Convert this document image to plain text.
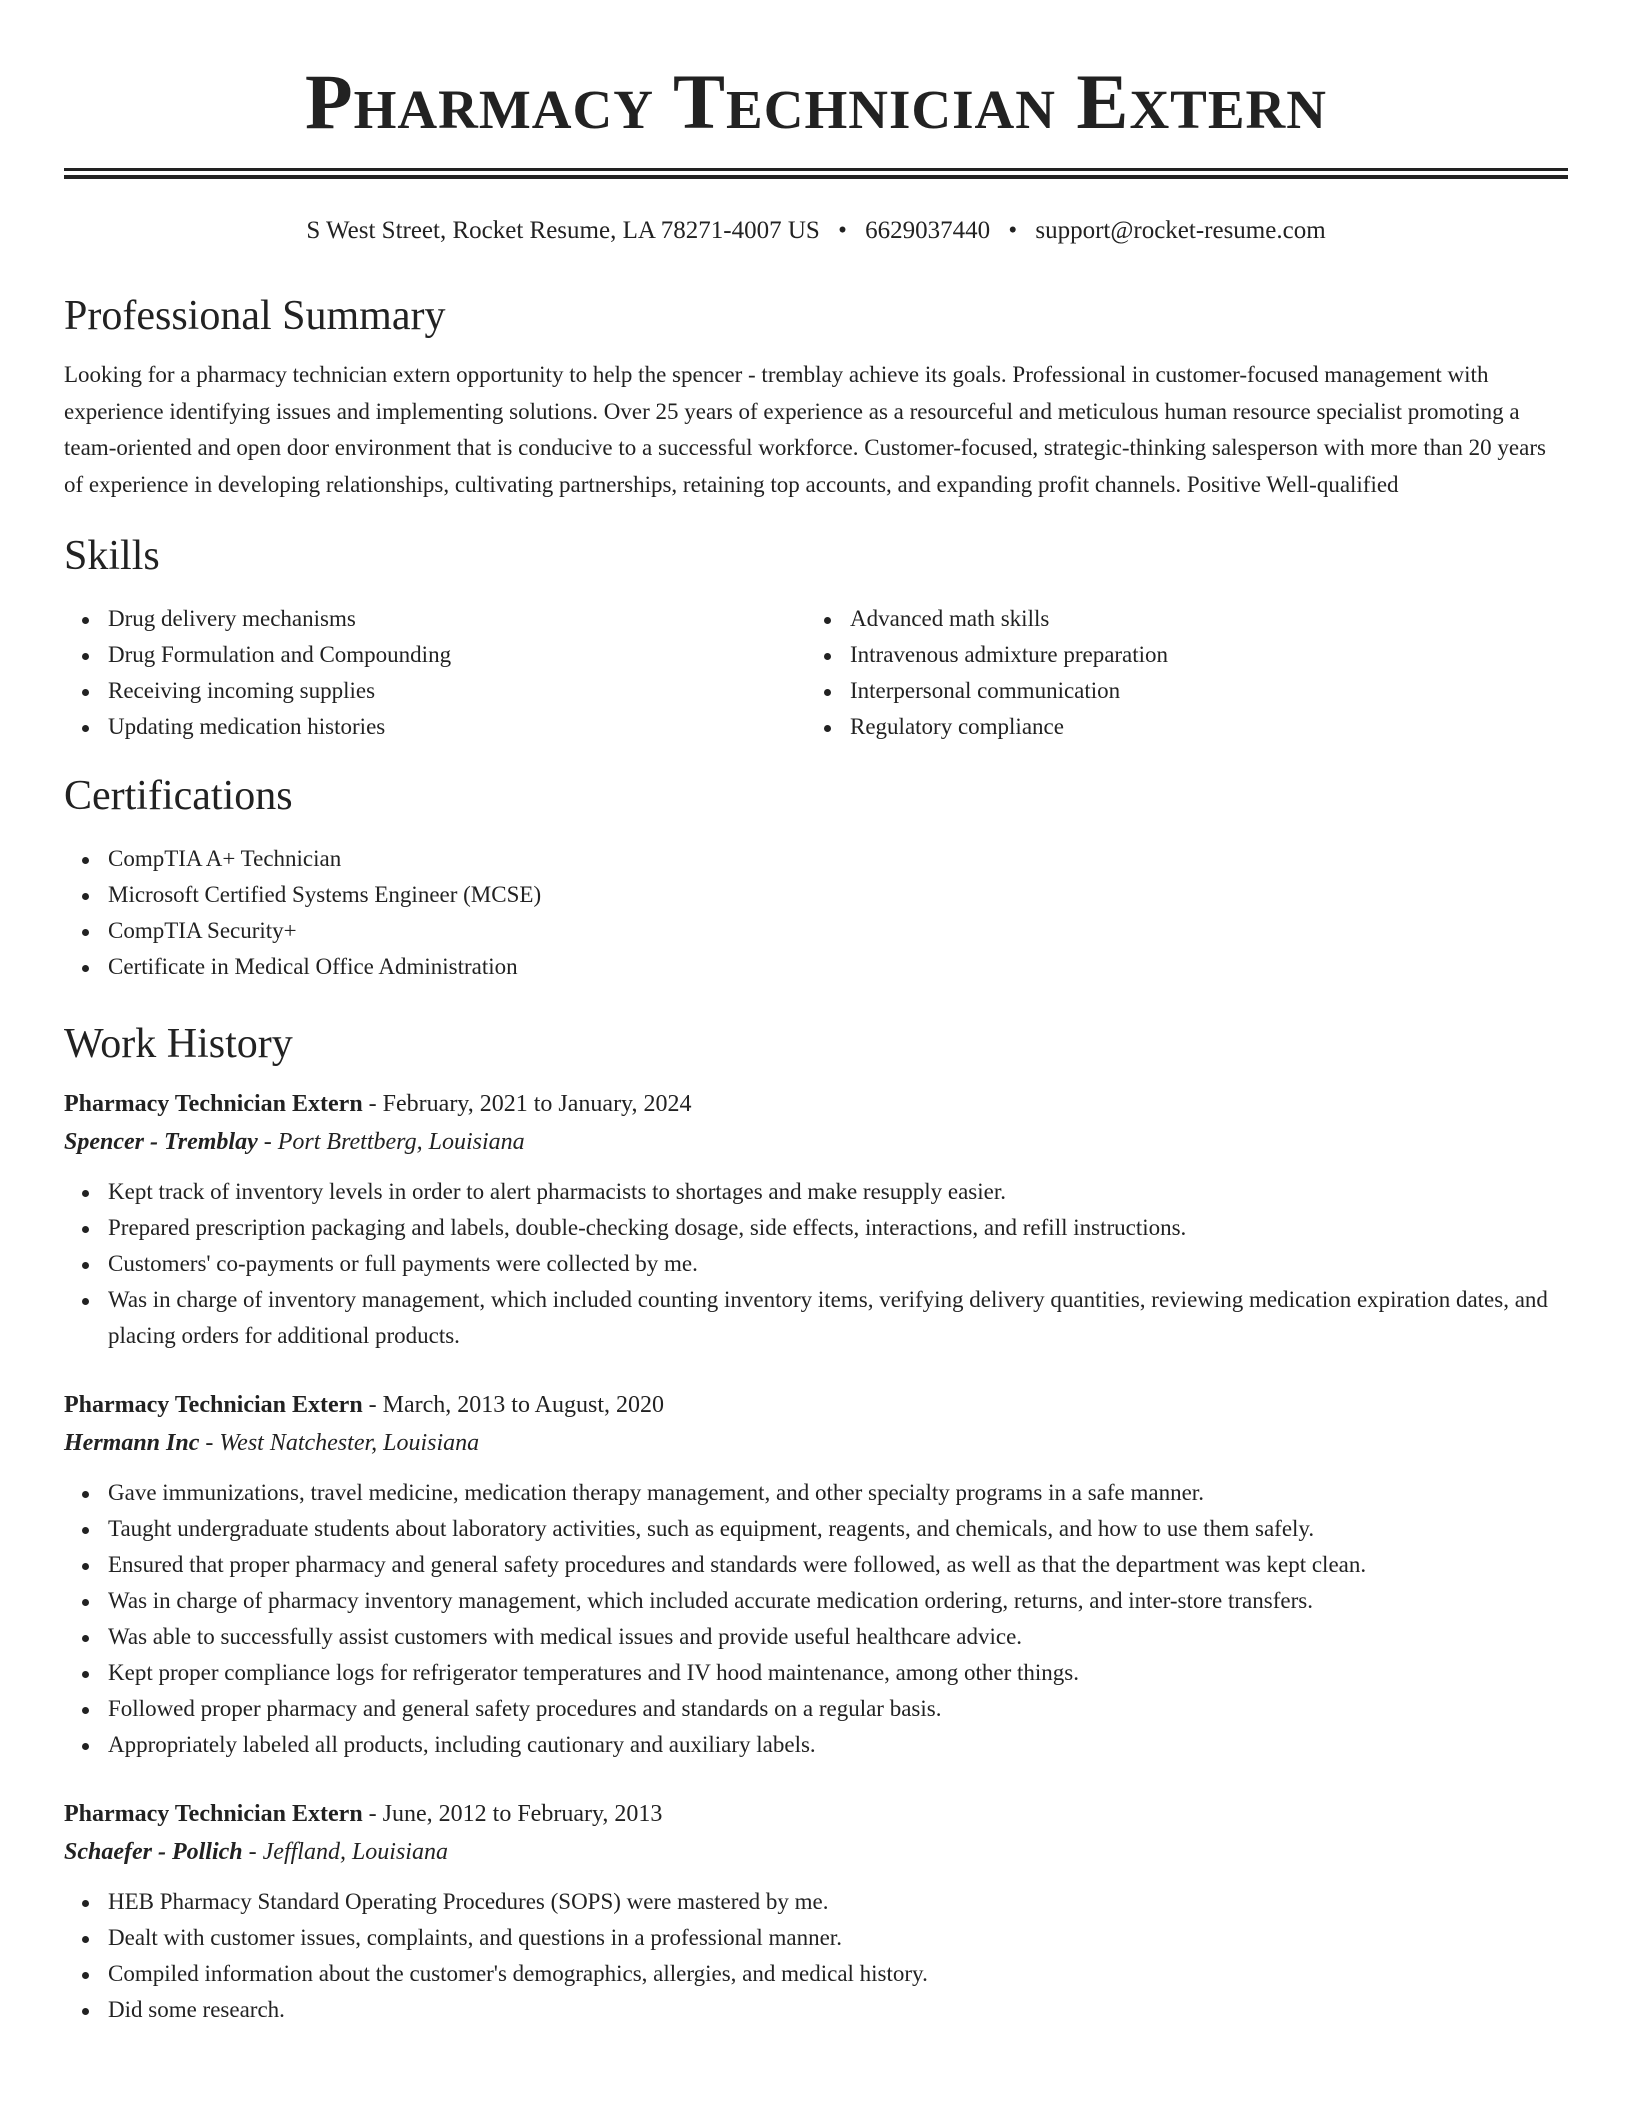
Pharmacy Technician Extern
S West Street, Rocket Resume, LA 78271-4007 US • 6629037440 • support@rocket-resume.com
Professional Summary
Looking for a pharmacy technician extern opportunity to help the spencer - tremblay achieve its goals. Professional in customer-focused management with experience identifying issues and implementing solutions. Over 25 years of experience as a resourceful and meticulous human resource specialist promoting a team-oriented and open door environment that is conducive to a successful workforce. Customer-focused, strategic-thinking salesperson with more than 20 years of experience in developing relationships, cultivating partnerships, retaining top accounts, and expanding profit channels. Positive Well-qualified
Skills
Drug delivery mechanisms
Drug Formulation and Compounding
Receiving incoming supplies
Updating medication histories
Advanced math skills
Intravenous admixture preparation
Interpersonal communication
Regulatory compliance
Certifications
CompTIA A+ Technician
Microsoft Certified Systems Engineer (MCSE)
CompTIA Security+
Certificate in Medical Office Administration
Work History
Pharmacy Technician Extern - February, 2021 to January, 2024
Spencer - Tremblay - Port Brettberg, Louisiana
Kept track of inventory levels in order to alert pharmacists to shortages and make resupply easier.
Prepared prescription packaging and labels, double-checking dosage, side effects, interactions, and refill instructions.
Customers' co-payments or full payments were collected by me.
Was in charge of inventory management, which included counting inventory items, verifying delivery quantities, reviewing medication expiration dates, and placing orders for additional products.
Pharmacy Technician Extern - March, 2013 to August, 2020
Hermann Inc - West Natchester, Louisiana
Gave immunizations, travel medicine, medication therapy management, and other specialty programs in a safe manner.
Taught undergraduate students about laboratory activities, such as equipment, reagents, and chemicals, and how to use them safely.
Ensured that proper pharmacy and general safety procedures and standards were followed, as well as that the department was kept clean.
Was in charge of pharmacy inventory management, which included accurate medication ordering, returns, and inter-store transfers.
Was able to successfully assist customers with medical issues and provide useful healthcare advice.
Kept proper compliance logs for refrigerator temperatures and IV hood maintenance, among other things.
Followed proper pharmacy and general safety procedures and standards on a regular basis.
Appropriately labeled all products, including cautionary and auxiliary labels.
Pharmacy Technician Extern - June, 2012 to February, 2013
Schaefer - Pollich - Jeffland, Louisiana
HEB Pharmacy Standard Operating Procedures (SOPS) were mastered by me.
Dealt with customer issues, complaints, and questions in a professional manner.
Compiled information about the customer's demographics, allergies, and medical history.
Did some research.
